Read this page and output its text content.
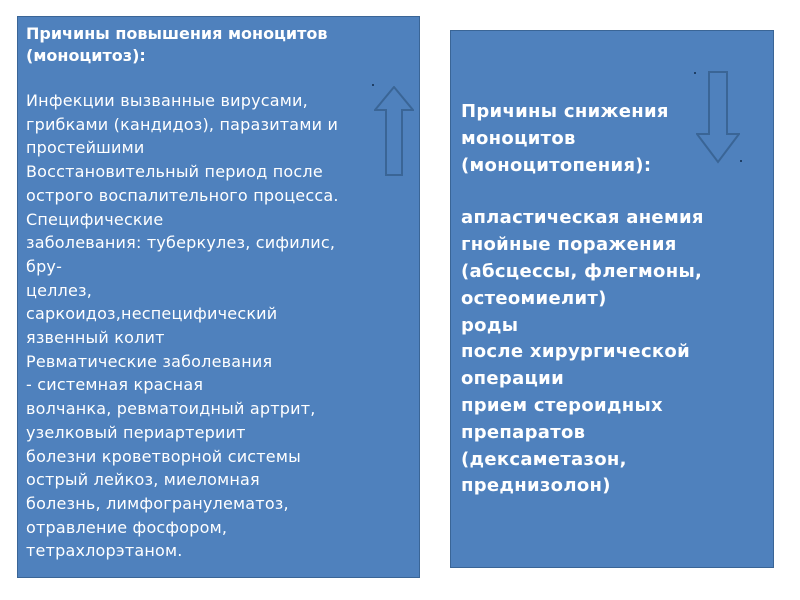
Причины повышения моноцитов
(моноцитоз):
Инфекции вызванные вирусами,
грибками (кандидоз), паразитами и
простейшими
Восстановительный период после
острого воспалительного процесса.
Специфические
заболевания: туберкулез, сифилис,
бру-
целлез,
саркоидоз,неспецифический
язвенный колит
Ревматические заболевания
- системная красная
волчанка, ревматоидный артрит,
узелковый периартериит
болезни кроветворной системы
острый лейкоз, миеломная
болезнь, лимфогранулематоз,
отравление фосфором,
тетрахлорэтаном.
Причины снижения
моноцитов
(моноцитопения):
апластическая анемия
гнойные поражения
(абсцессы, флегмоны,
остеомиелит)
роды
после хирургической
операции
прием стероидных
препаратов
(дексаметазон,
преднизолон)
